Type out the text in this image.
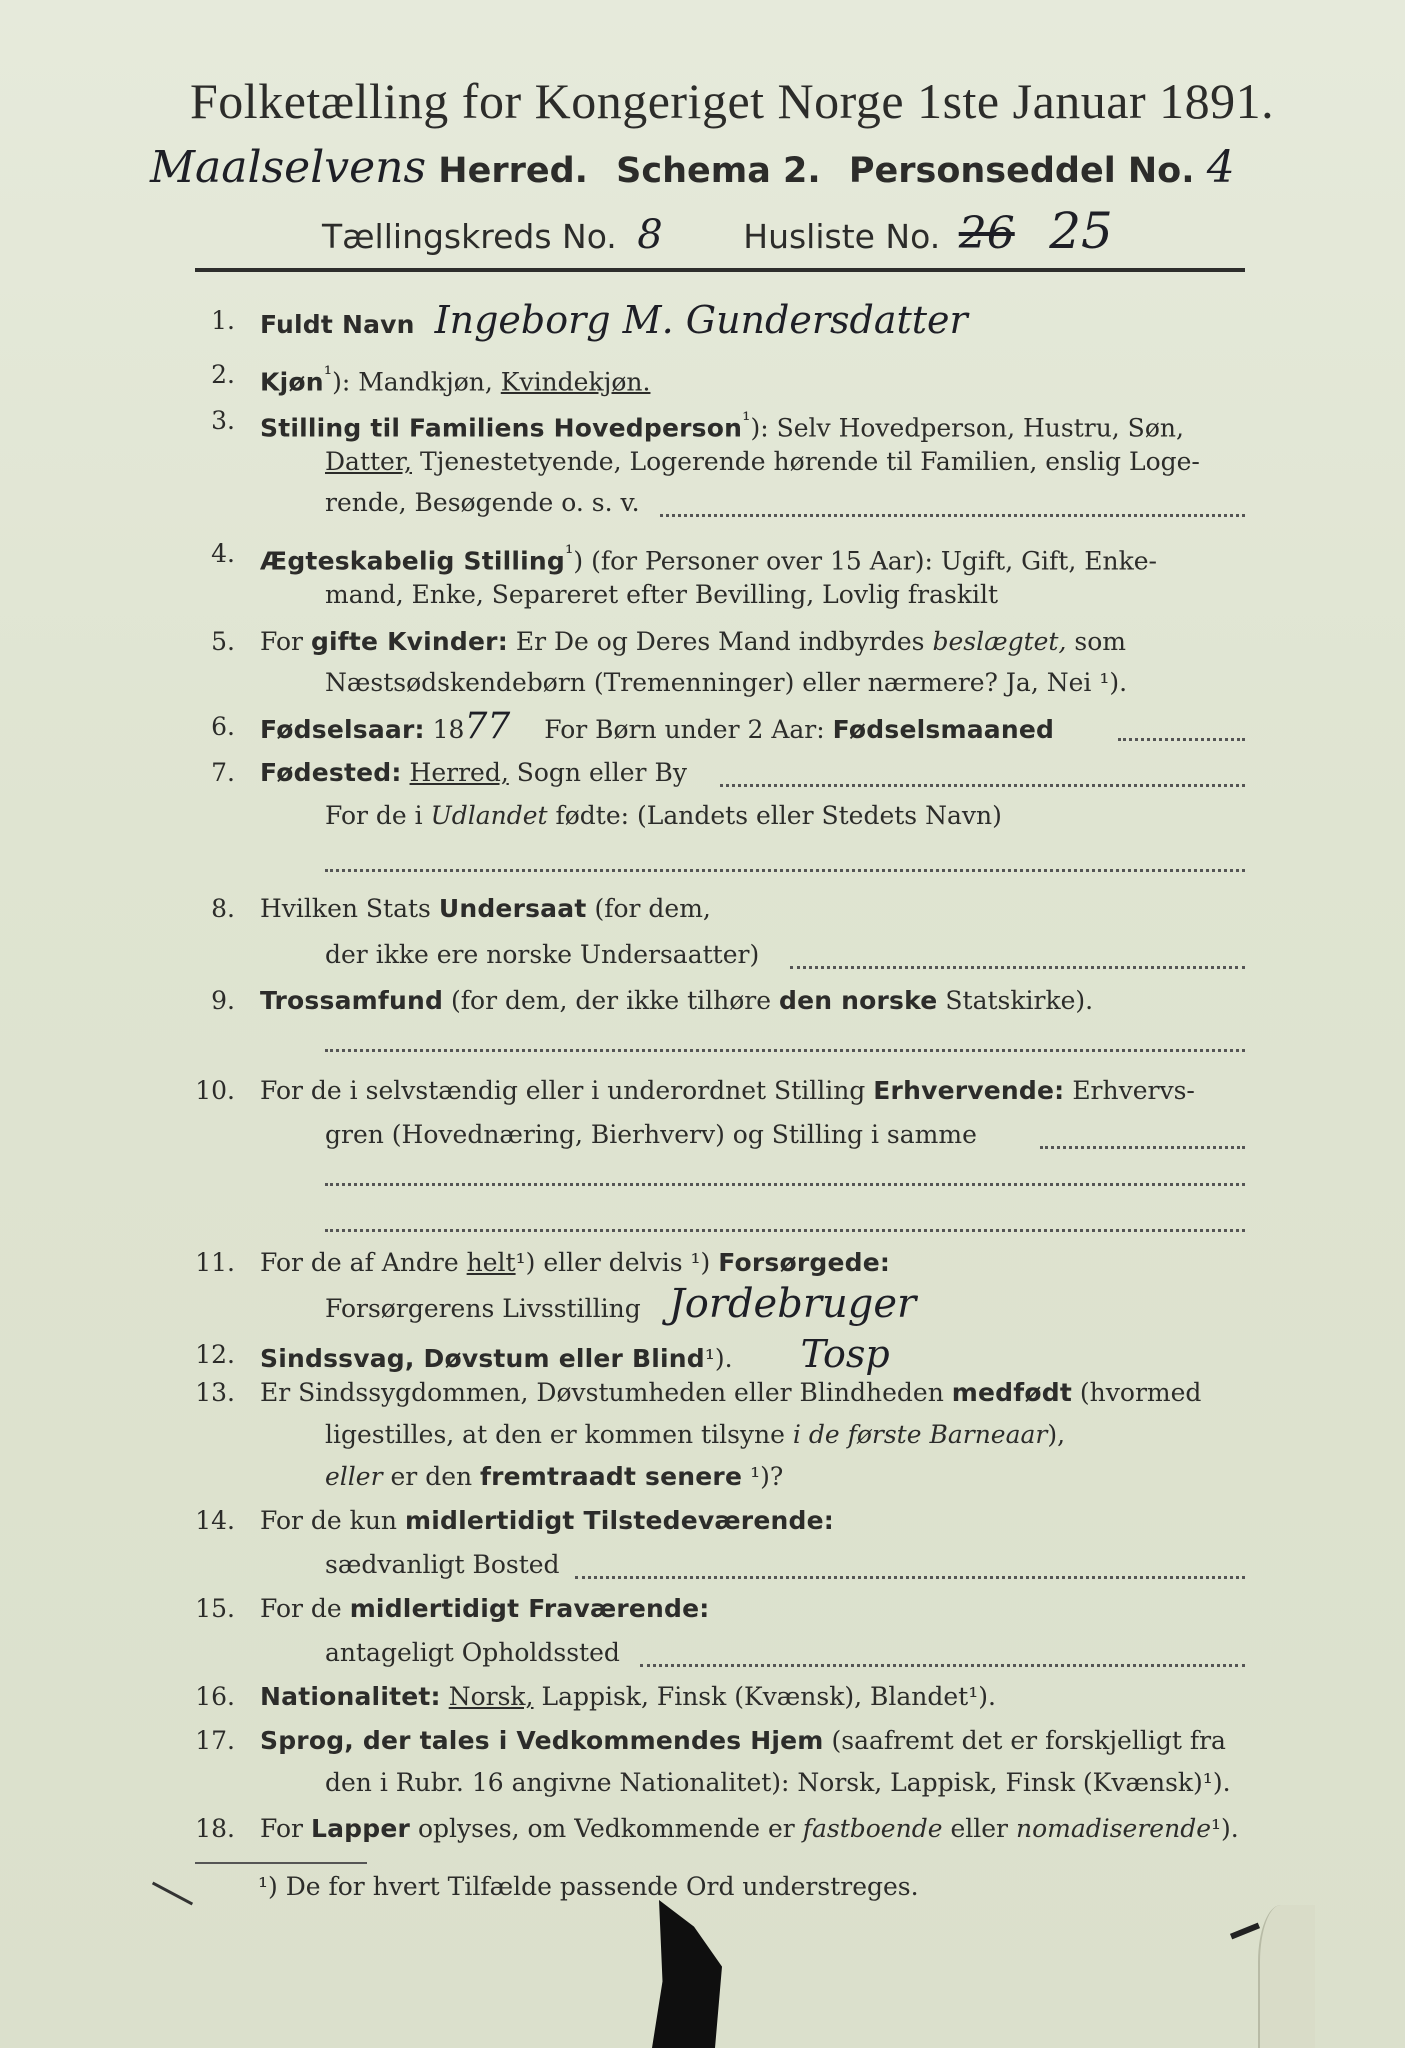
Folketælling for Kongeriget Norge 1ste Januar 1891.
Maalselvens Herred. Schema 2. Personseddel No. 4
Tællingskreds No. 8 Husliste No. 26 25
1. Fuldt Navn Ingeborg M. Gundersdatter
2. Kjøn$^{^1}$): Mandkjøn, Kvindekjøn.
3. Stilling til Familiens Hovedperson$^{^1}$): Selv Hovedperson, Hustru, Søn,
Datter, Tjenestetyende, Logerende hørende til Familien, enslig Loge-
rende, Besøgende o. s. v.
4. Ægteskabelig Stilling$^{^1}$) (for Personer over 15 Aar): Ugift, Gift, Enke-
mand, Enke, Separeret efter Bevilling, Lovlig fraskilt
5. For gifte Kvinder: Er De og Deres Mand indbyrdes beslægtet, som
Næstsødskendebørn (Tremenninger) eller nærmere? Ja, Nei ¹).
6. Fødselsaar: 1877 For Børn under 2 Aar: Fødselsmaaned
7. Fødested: Herred, Sogn eller By
For de i Udlandet fødte: (Landets eller Stedets Navn)
8. Hvilken Stats Undersaat (for dem,
der ikke ere norske Undersaatter)
9. Trossamfund (for dem, der ikke tilhøre den norske Statskirke).
10. For de i selvstændig eller i underordnet Stilling Erhvervende: Erhvervs-
gren (Hovednæring, Bierhverv) og Stilling i samme
11. For de af Andre helt¹) eller delvis ¹) Forsørgede:
Forsørgerens Livsstilling Jordebruger
12. Sindssvag, Døvstum eller Blind¹). Tosp
13. Er Sindssygdommen, Døvstumheden eller Blindheden medfødt (hvormed
ligestilles, at den er kommen tilsyne i de første Barneaar),
eller er den fremtraadt senere ¹)?
14. For de kun midlertidigt Tilstedeværende:
sædvanligt Bosted
15. For de midlertidigt Fraværende:
antageligt Opholdssted
16. Nationalitet: Norsk, Lappisk, Finsk (Kvænsk), Blandet¹).
17. Sprog, der tales i Vedkommendes Hjem (saafremt det er forskjelligt fra
den i Rubr. 16 angivne Nationalitet): Norsk, Lappisk, Finsk (Kvænsk)¹).
18. For Lapper oplyses, om Vedkommende er fastboende eller nomadiserende¹).
¹) De for hvert Tilfælde passende Ord understreges.
